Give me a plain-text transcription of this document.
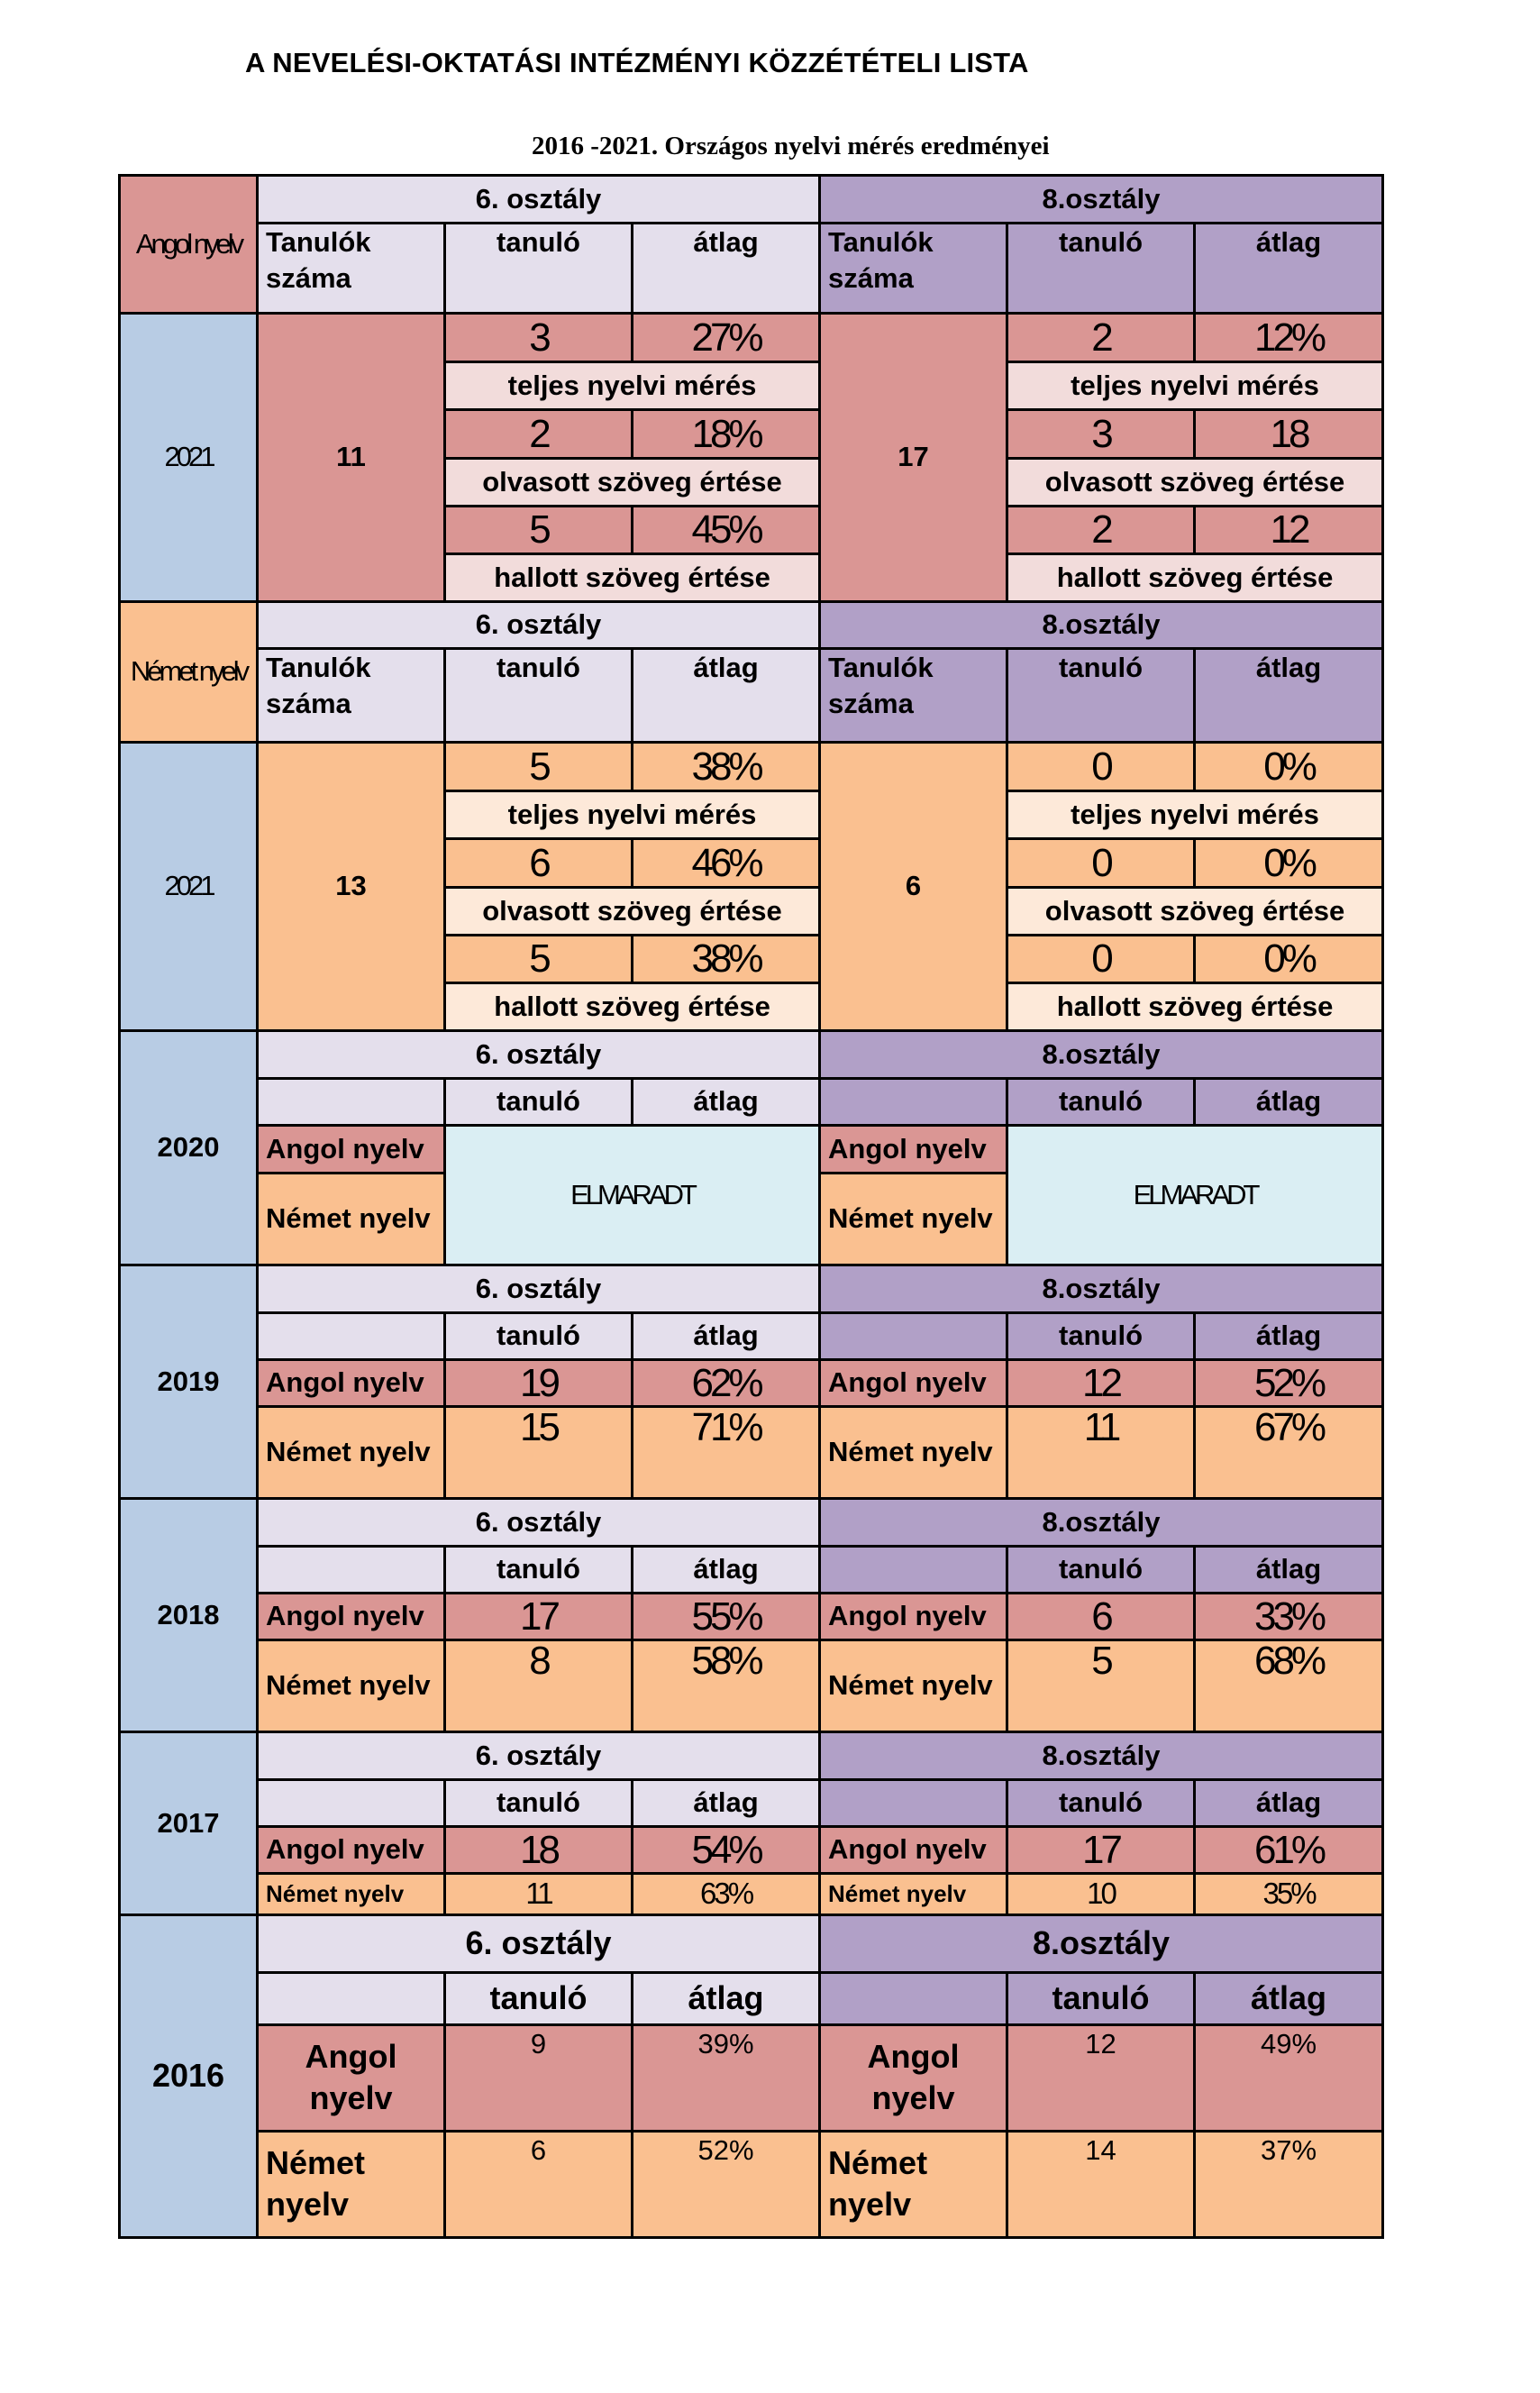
A NEVELÉSI-OKTATÁSI INTÉZMÉNYI KÖZZÉTÉTELI LISTA
2016 -2021. Országos nyelvi mérés eredményei
Angol nyelv	6. osztály			8.osztály		
	Tanulók száma	tanuló	átlag	Tanulók száma	tanuló	átlag
2021	11	3	27%	17	2	12%
		teljes nyelvi mérés			teljes nyelvi mérés	
		2	18%		3	18
		olvasott szöveg értése			olvasott szöveg értése	
		5	45%		2	12
		hallott szöveg értése			hallott szöveg értése	
Német nyelv	6. osztály			8.osztály		
	Tanulók száma	tanuló	átlag	Tanulók száma	tanuló	átlag
2021	13	5	38%	6	0	0%
		teljes nyelvi mérés			teljes nyelvi mérés	
		6	46%		0	0%
		olvasott szöveg értése			olvasott szöveg értése	
		5	38%		0	0%
		hallott szöveg értése			hallott szöveg értése	
2020	6. osztály			8.osztály		
		tanuló	átlag		tanuló	átlag
	Angol nyelv	ELMARADT		Angol nyelv	ELMARADT	
	Német nyelv			Német nyelv		

2019	6. osztály			8.osztály		
		tanuló	átlag		tanuló	átlag
	Angol nyelv	19	62%	Angol nyelv	12	52%
	Német nyelv	15	71%	Német nyelv	11	67%
2018	6. osztály			8.osztály		
		tanuló	átlag		tanuló	átlag
	Angol nyelv	17	55%	Angol nyelv	6	33%
	Német nyelv	8	58%	Német nyelv	5	68%
2017	6. osztály			8.osztály		
		tanuló	átlag		tanuló	átlag
	Angol nyelv	18	54%	Angol nyelv	17	61%
	Német nyelv	11	63%	Német nyelv	10	35%
2016	6. osztály			8.osztály		
		tanuló	átlag		tanuló	átlag
	Angol nyelv	9	39%	Angol nyelv	12	49%
	Német nyelv	6	52%	Német nyelv	14	37%
